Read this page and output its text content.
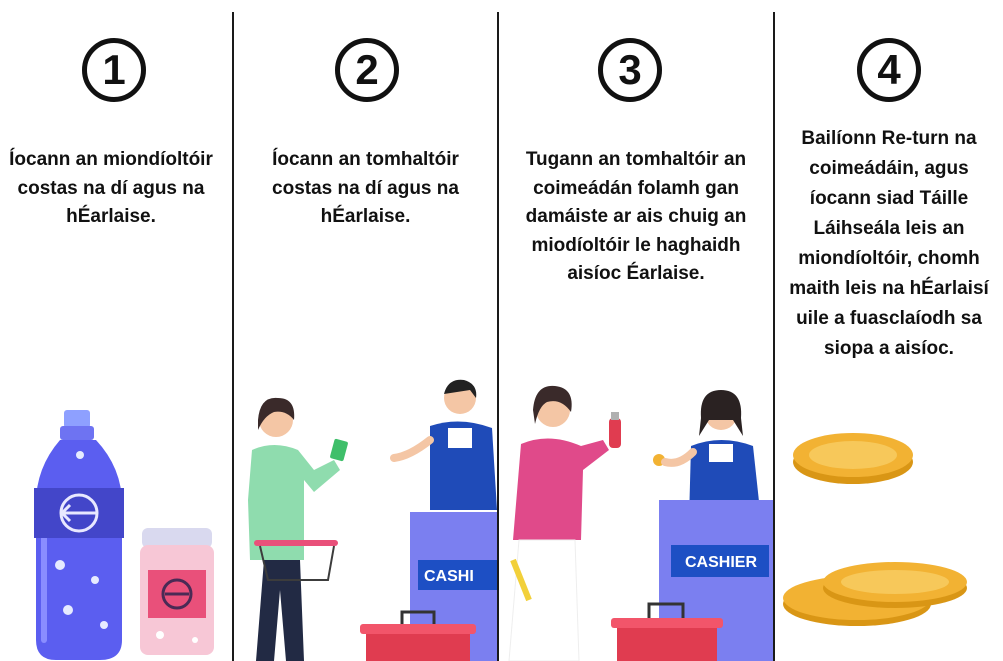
1
Íocann an miondíoltóir costas na dí agus na hÉarlaise.
2
Íocann an tomhaltóir costas na dí agus na hÉarlaise.
CASHI
3
Tugann an tomhaltóir an coimeádán folamh gan damáiste ar ais chuig an miodíoltóir le haghaidh aisíoc Éarlaise.
CASHIER
4
Bailíonn Re-turn na coimeádáin, agus íocann siad Táille Láihseála leis an miondíoltóir, chomh maith leis na hÉarlaisí uile a fuasclaíodh sa siopa a aisíoc.
